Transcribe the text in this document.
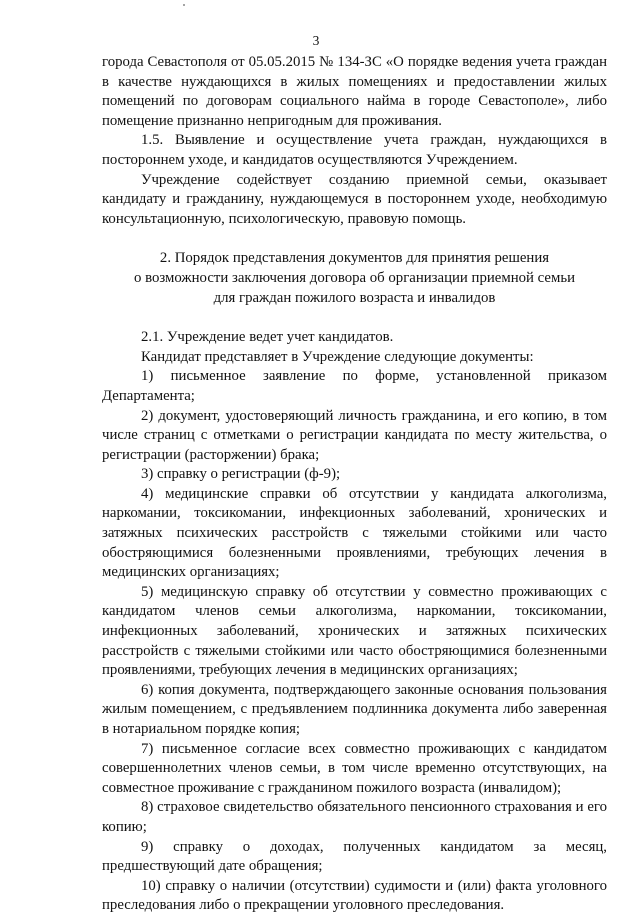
3

города Севастополя от 05.05.2015 № 134-ЗС «О порядке ведения учета граждан в качестве нуждающихся в жилых помещениях и предоставлении жилых помещений по договорам социального найма в городе Севастополе», либо помещение признанно непригодным для проживания.

1.5. Выявление и осуществление учета граждан, нуждающихся в постороннем уходе, и кандидатов осуществляются Учреждением.

Учреждение содействует созданию приемной семьи, оказывает кандидату и гражданину, нуждающемуся в постороннем уходе, необходимую консультационную, психологическую, правовую помощь.

2. Порядок представления документов для принятия решения
о возможности заключения договора об организации приемной семьи
для граждан пожилого возраста и инвалидов

2.1. Учреждение ведет учет кандидатов.

Кандидат представляет в Учреждение следующие документы:

1) письменное заявление по форме, установленной приказом Департамента;

2) документ, удостоверяющий личность гражданина, и его копию, в том числе страниц с отметками о регистрации кандидата по месту жительства, о регистрации (расторжении) брака;

3) справку о регистрации (ф-9);

4) медицинские справки об отсутствии у кандидата алкоголизма, наркомании, токсикомании, инфекционных заболеваний, хронических и затяжных психических расстройств с тяжелыми стойкими или часто обостряющимися болезненными проявлениями, требующих лечения в медицинских организациях;

5) медицинскую справку об отсутствии у совместно проживающих с кандидатом членов семьи алкоголизма, наркомании, токсикомании, инфекционных заболеваний, хронических и затяжных психических расстройств с тяжелыми стойкими или часто обостряющимися болезненными проявлениями, требующих лечения в медицинских организациях;

6) копия документа, подтверждающего законные основания пользования жилым помещением, с предъявлением подлинника документа либо заверенная в нотариальном порядке копия;

7) письменное согласие всех совместно проживающих с кандидатом совершеннолетних членов семьи, в том числе временно отсутствующих, на совместное проживание с гражданином пожилого возраста (инвалидом);

8) страховое свидетельство обязательного пенсионного страхования и его копию;

9) справку о доходах, полученных кандидатом за месяц, предшествующий дате обращения;

10) справку о наличии (отсутствии) судимости и (или) факта уголовного преследования либо о прекращении уголовного преследования.
